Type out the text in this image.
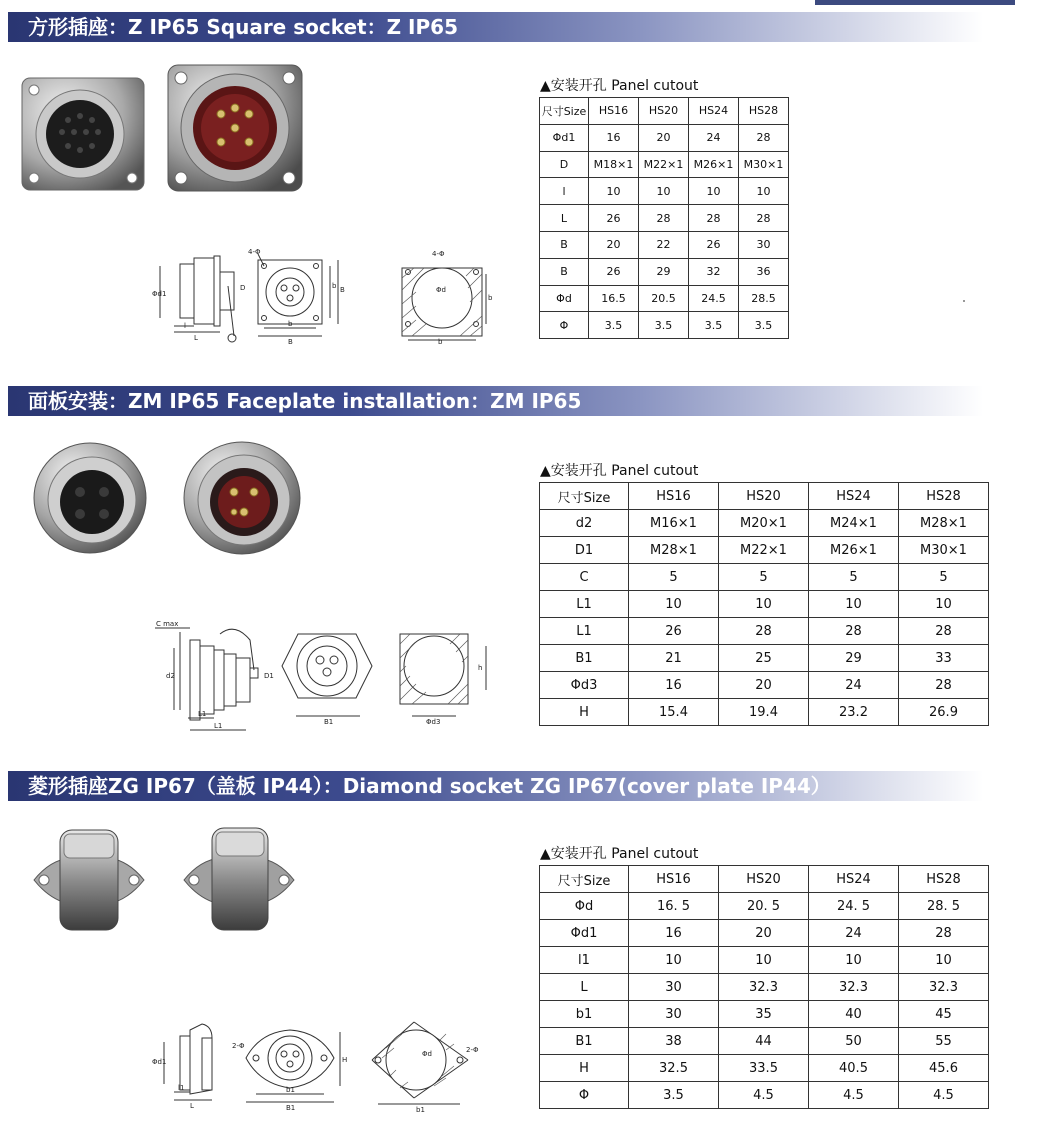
方形插座：Z IP65 Square socket：Z IP65
Φd1
l
L
4-Φ
D	b B
b
B
4-Φ
Φd
b
b
▲安装开孔 Panel cutout
尺寸Size	HS16	HS20	HS24	HS28
Φd1	16	20	24	28
D	M18×1	M22×1	M26×1	M30×1
l	10	10	10	10
L	26	28	28	28
B	20	22	26	30
B	26	29	32	36
Φd	16.5	20.5	24.5	28.5
Φ	3.5	3.5	3.5	3.5
面板安装：ZM IP65 Faceplate installation：ZM IP65
C max
d2	D1
L1
L1	B1
h
Φd3
▲安装开孔 Panel cutout
尺寸Size	HS16	HS20	HS24	HS28
d2	M16×1	M20×1	M24×1	M28×1
D1	M28×1	M22×1	M26×1	M30×1
C	5	5	5	5
L1	10	10	10	10
L1	26	28	28	28
B1	21	25	29	33
Φd3	16	20	24	28
H	15.4	19.4	23.2	26.9
菱形插座ZG IP67（盖板 IP44）：Diamond socket ZG IP67(cover plate IP44）
Φd1
l1
L
2-Φ
b1
B1
H
Φd	2-Φ
b1
▲安装开孔 Panel cutout
尺寸Size	HS16	HS20	HS24	HS28
Φd	16. 5	20. 5	24. 5	28. 5
Φd1	16	20	24	28
l1	10	10	10	10
L	30	32.3	32.3	32.3
b1	30	35	40	45
B1	38	44	50	55
H	32.5	33.5	40.5	45.6
Φ	3.5	4.5	4.5	4.5
